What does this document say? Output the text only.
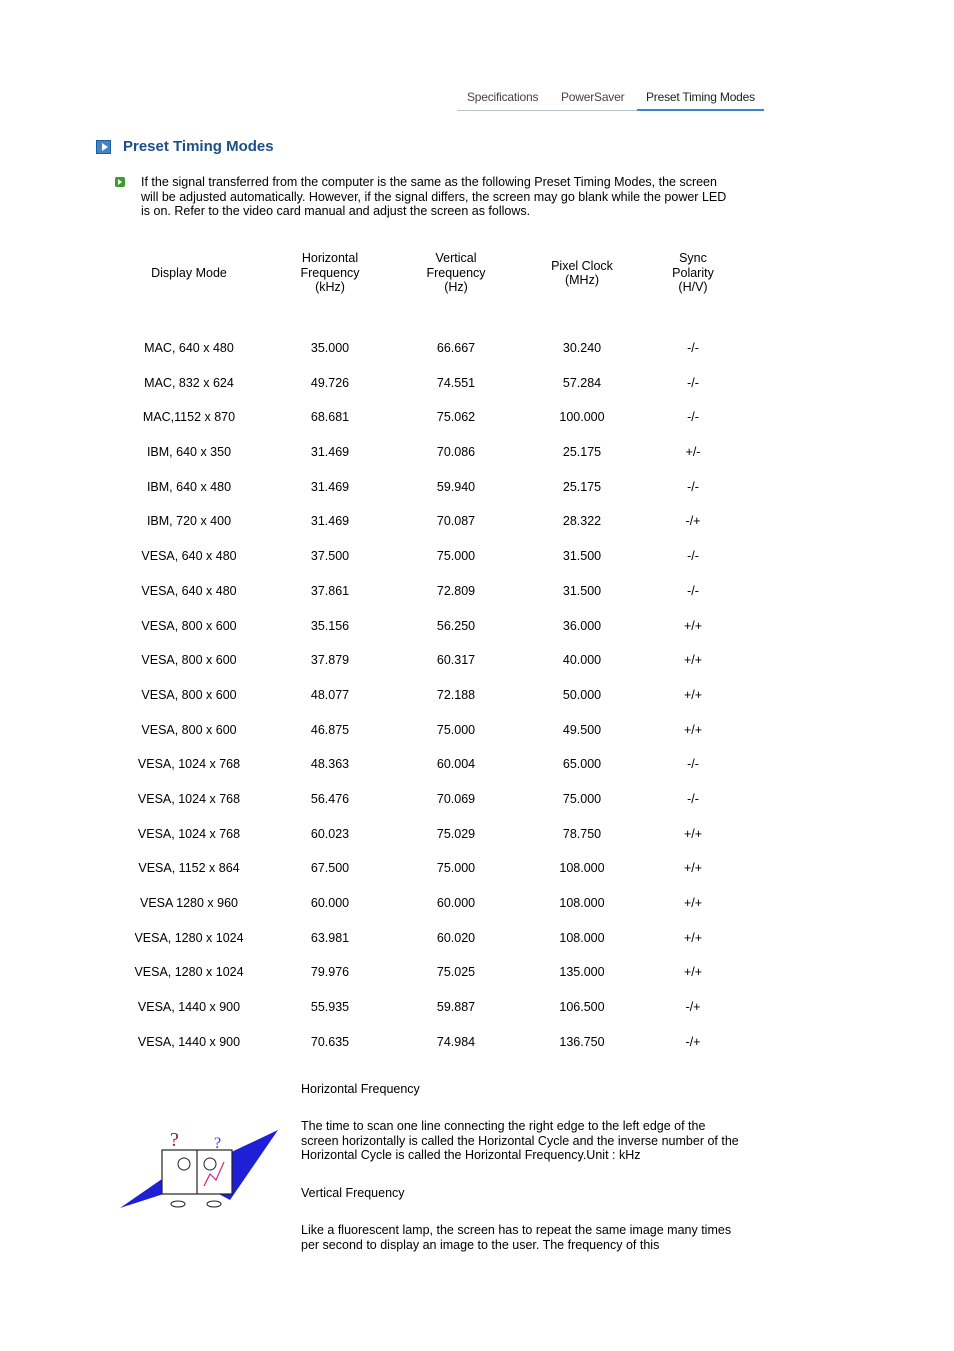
Specifications PowerSaver Preset Timing Modes
Preset Timing Modes
If the signal transferred from the computer is the same as the following Preset Timing Modes, the screen will be adjusted automatically. However, if the signal differs, the screen may go blank while the power LED is on. Refer to the video card manual and adjust the screen as follows.
Display Mode	Horizontal
Frequency
(kHz)	Vertical
Frequency
(Hz)	Pixel Clock
(MHz)	Sync
Polarity
(H/V)

MAC, 640 x 480	35.000	66.667	30.240	-/-
MAC, 832 x 624	49.726	74.551	57.284	-/-
MAC,1152 x 870	68.681	75.062	100.000	-/-
IBM, 640 x 350	31.469	70.086	25.175	+/-
IBM, 640 x 480	31.469	59.940	25.175	-/-
IBM, 720 x 400	31.469	70.087	28.322	-/+
VESA, 640 x 480	37.500	75.000	31.500	-/-
VESA, 640 x 480	37.861	72.809	31.500	-/-
VESA, 800 x 600	35.156	56.250	36.000	+/+
VESA, 800 x 600	37.879	60.317	40.000	+/+
VESA, 800 x 600	48.077	72.188	50.000	+/+
VESA, 800 x 600	46.875	75.000	49.500	+/+
VESA, 1024 x 768	48.363	60.004	65.000	-/-
VESA, 1024 x 768	56.476	70.069	75.000	-/-
VESA, 1024 x 768	60.023	75.029	78.750	+/+
VESA, 1152 x 864	67.500	75.000	108.000	+/+
VESA 1280 x 960	60.000	60.000	108.000	+/+
VESA, 1280 x 1024	63.981	60.020	108.000	+/+
VESA, 1280 x 1024	79.976	75.025	135.000	+/+
VESA, 1440 x 900	55.935	59.887	106.500	-/+
VESA, 1440 x 900	70.635	74.984	136.750	-/+
? ?
Horizontal Frequency
The time to scan one line connecting the right edge to the left edge of the screen horizontally is called the Horizontal Cycle and the inverse number of the Horizontal Cycle is called the Horizontal Frequency.Unit : kHz
Vertical Frequency
Like a fluorescent lamp, the screen has to repeat the same image many times per second to display an image to the user. The frequency of this
